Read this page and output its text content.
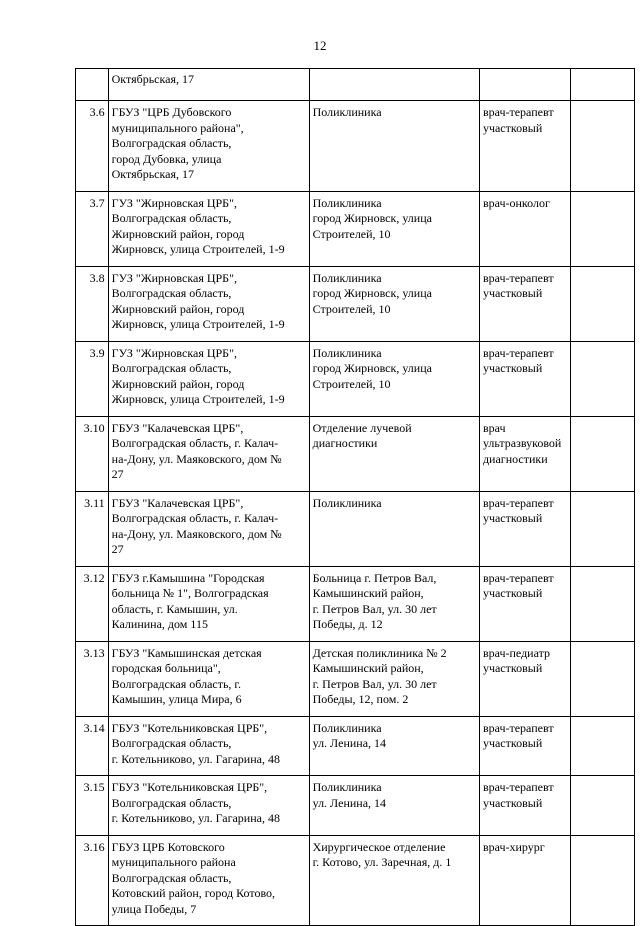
12
	Октябрьская, 17			
3.6	ГБУЗ "ЦРБ Дубовского
муниципального района",
Волгоградская область,
город Дубовка, улица
Октябрьская, 17	Поликлиника	врач-терапевт
участковый	
3.7	ГУЗ "Жирновская ЦРБ",
Волгоградская область,
Жирновский район, город
Жирновск, улица Строителей, 1-9	Поликлиника
город Жирновск, улица
Строителей, 10	врач-онколог	
3.8	ГУЗ "Жирновская ЦРБ",
Волгоградская область,
Жирновский район, город
Жирновск, улица Строителей, 1-9	Поликлиника
город Жирновск, улица
Строителей, 10	врач-терапевт
участковый	
3.9	ГУЗ "Жирновская ЦРБ",
Волгоградская область,
Жирновский район, город
Жирновск, улица Строителей, 1-9	Поликлиника
город Жирновск, улица
Строителей, 10	врач-терапевт
участковый	
3.10	ГБУЗ "Калачевская ЦРБ",
Волгоградская область, г. Калач-
на-Дону, ул. Маяковского, дом №
27	Отделение лучевой
диагностики	врач
ультразвуковой
диагностики	
3.11	ГБУЗ "Калачевская ЦРБ",
Волгоградская область, г. Калач-
на-Дону, ул. Маяковского, дом №
27	Поликлиника	врач-терапевт
участковый	
3.12	ГБУЗ г.Камышина "Городская
больница № 1", Волгоградская
область, г. Камышин, ул.
Калинина, дом 115	Больница г. Петров Вал,
Камышинский район,
г. Петров Вал, ул. 30 лет
Победы, д. 12	врач-терапевт
участковый	
3.13	ГБУЗ "Камышинская детская
городская больница",
Волгоградская область, г.
Камышин, улица Мира, 6	Детская поликлиника № 2
Камышинский район,
г. Петров Вал, ул. 30 лет
Победы, 12, пом. 2	врач-педиатр
участковый	
3.14	ГБУЗ "Котельниковская ЦРБ",
Волгоградская область,
г. Котельниково, ул. Гагарина, 48	Поликлиника
ул. Ленина, 14	врач-терапевт
участковый	
3.15	ГБУЗ "Котельниковская ЦРБ",
Волгоградская область,
г. Котельниково, ул. Гагарина, 48	Поликлиника
ул. Ленина, 14	врач-терапевт
участковый	
3.16	ГБУЗ ЦРБ Котовского
муниципального района
Волгоградская область,
Котовский район, город Котово,
улица Победы, 7	Хирургическое отделение
г. Котово, ул. Заречная, д. 1	врач-хирург	
